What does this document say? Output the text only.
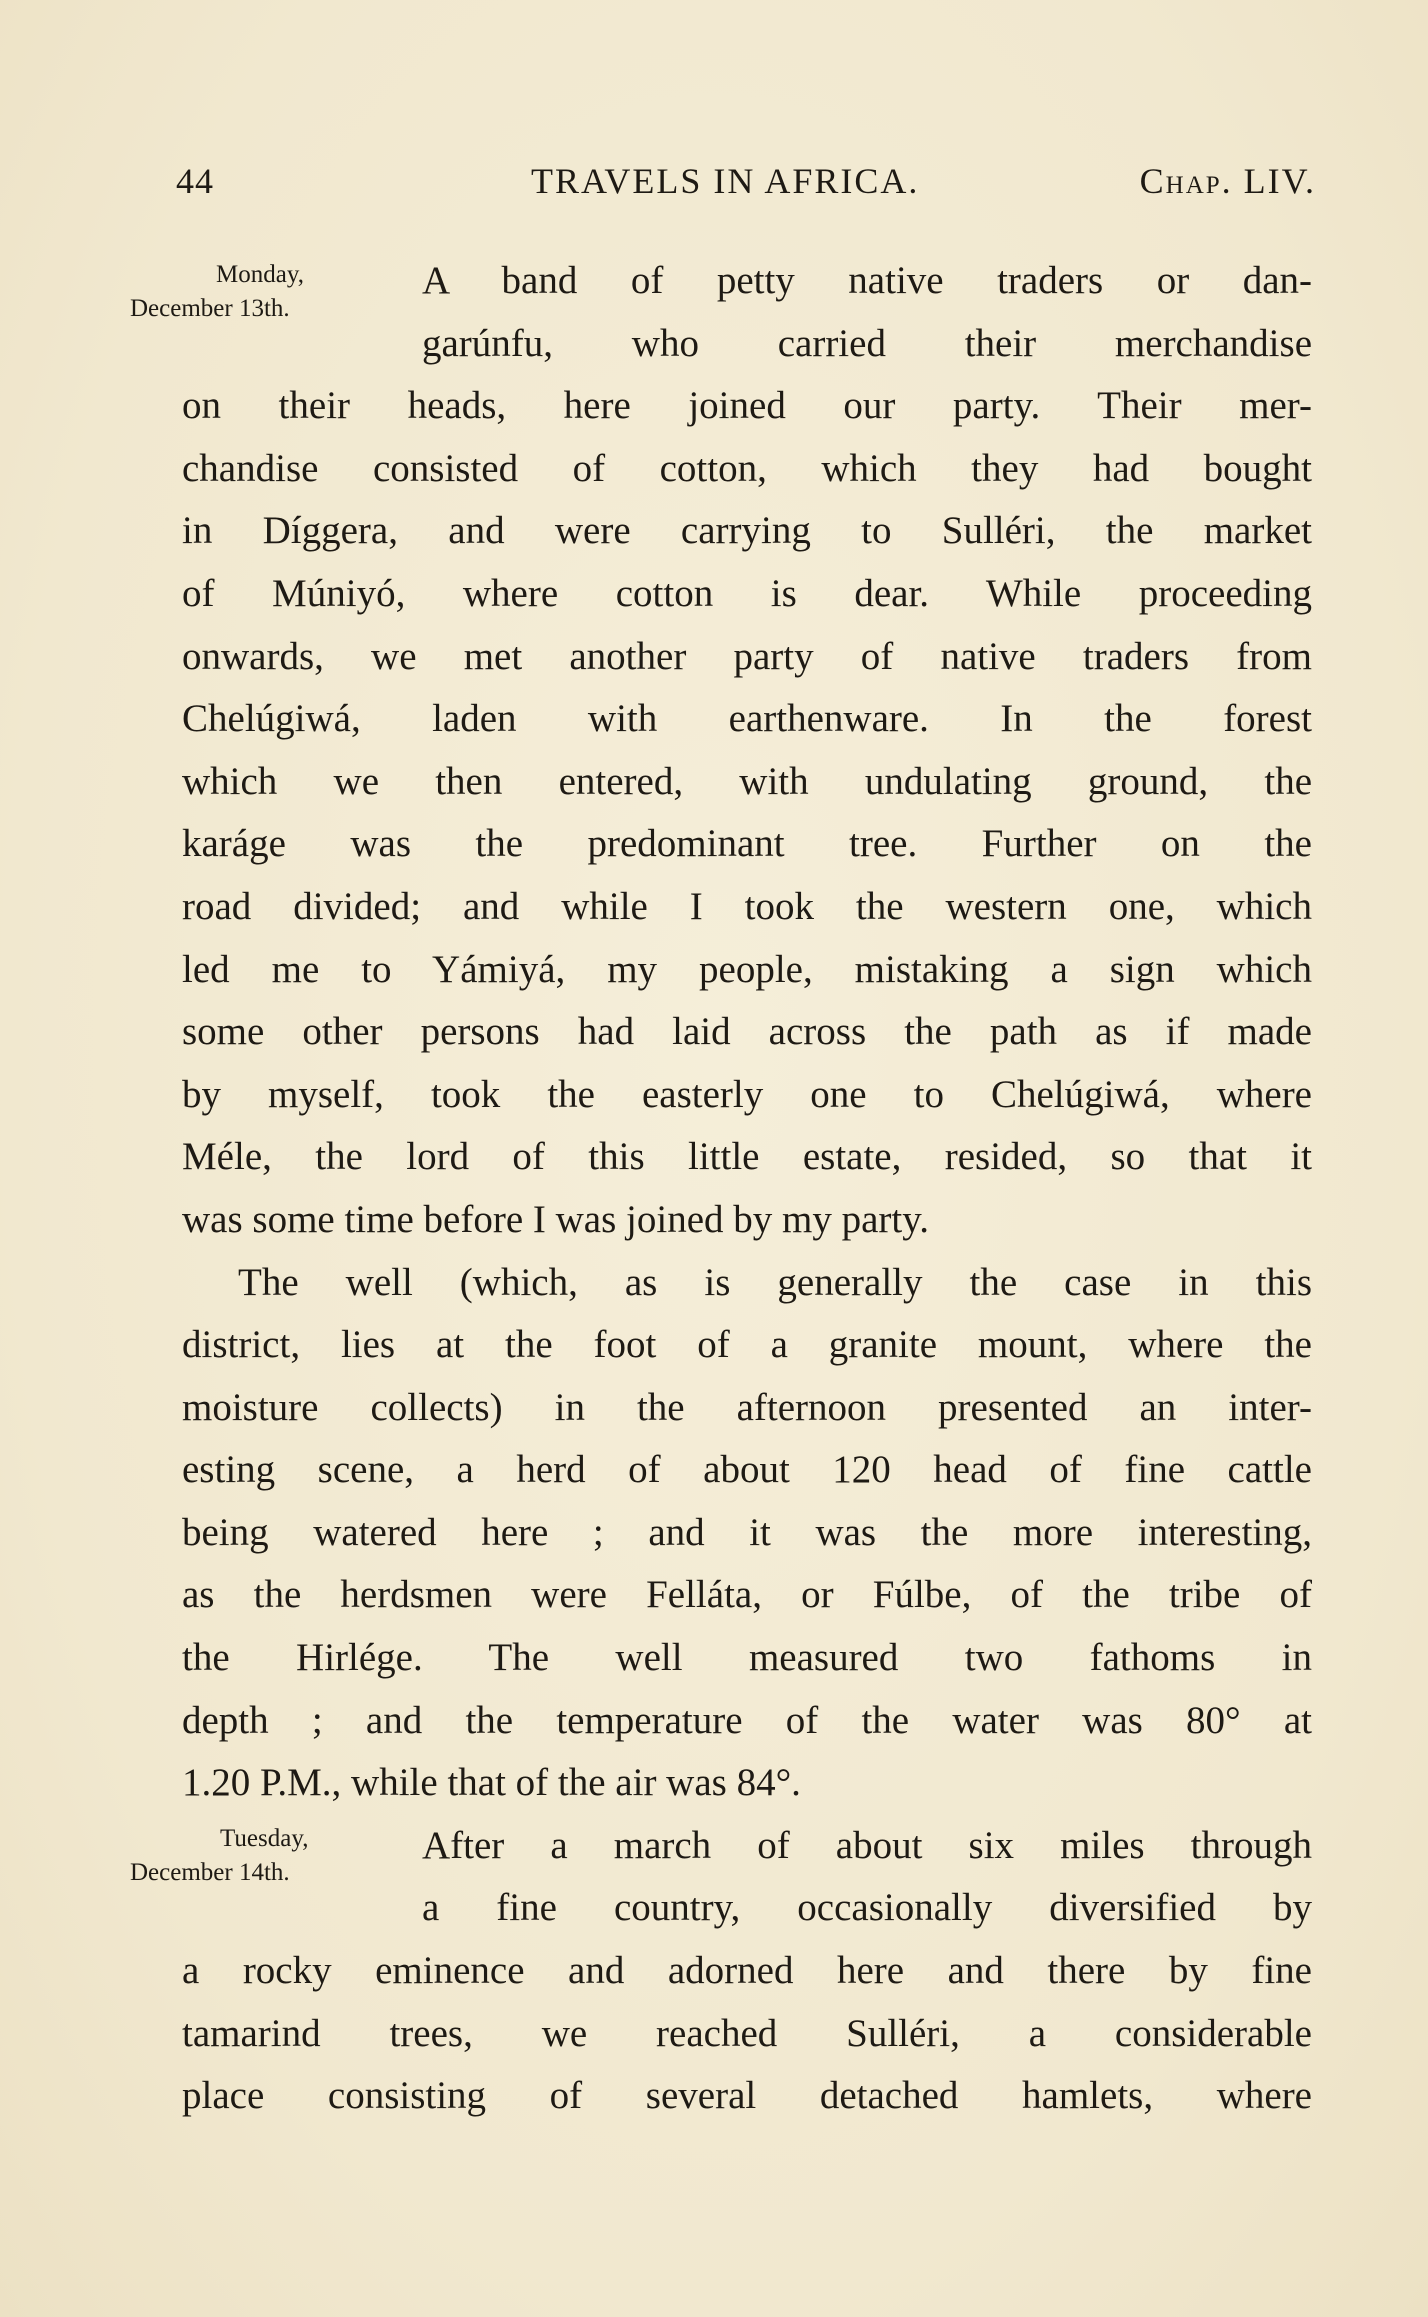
44	TRAVELS IN AFRICA.	Chap. LIV.
Monday,
December 13th.
Tuesday,
December 14th.
A band of petty native traders or dan-
garúnfu, who carried their merchandise
on their heads, here joined our party. Their mer-
chandise consisted of cotton, which they had bought
in Díggera, and were carrying to Sulléri, the market
of Múniyó, where cotton is dear. While proceeding
onwards, we met another party of native traders from
Chelúgiwá, laden with earthenware. In the forest
which we then entered, with undulating ground, the
karáge was the predominant tree. Further on the
road divided; and while I took the western one, which
led me to Yámiyá, my people, mistaking a sign which
some other persons had laid across the path as if made
by myself, took the easterly one to Chelúgiwá, where
Méle, the lord of this little estate, resided, so that it
was some time before I was joined by my party.
The well (which, as is generally the case in this
district, lies at the foot of a granite mount, where the
moisture collects) in the afternoon presented an inter-
esting scene, a herd of about 120 head of fine cattle
being watered here ; and it was the more interesting,
as the herdsmen were Felláta, or Fúlbe, of the tribe of
the Hirlége. The well measured two fathoms in
depth ; and the temperature of the water was 80° at
1.20 P.M., while that of the air was 84°.
After a march of about six miles through
a fine country, occasionally diversified by
a rocky eminence and adorned here and there by fine
tamarind trees, we reached Sulléri, a considerable
place consisting of several detached hamlets, where
